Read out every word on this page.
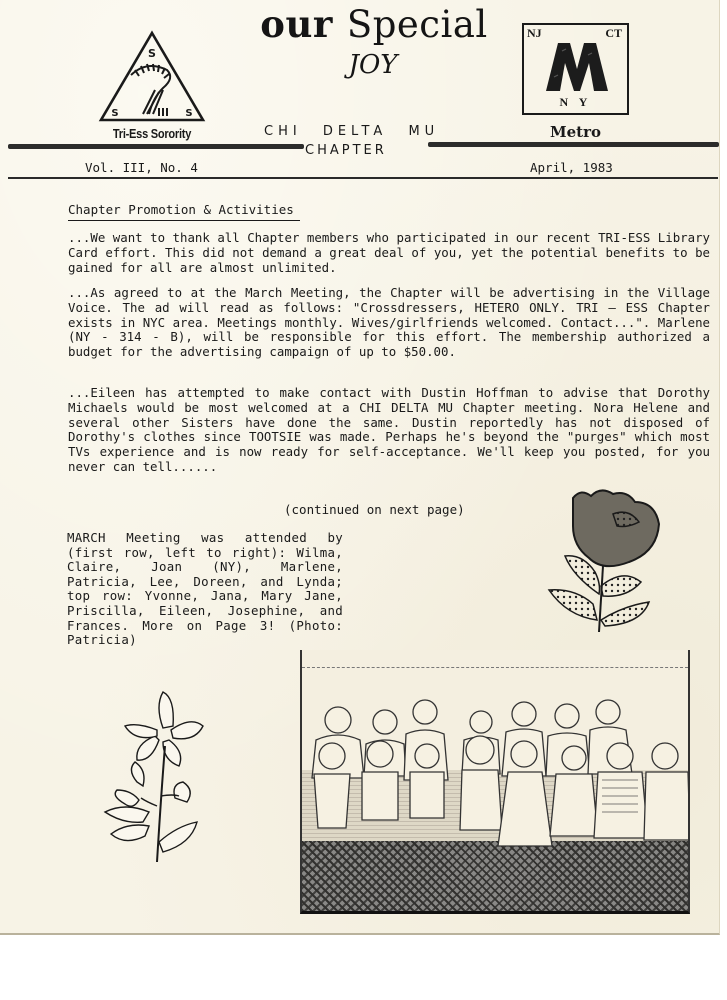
our Special
JOY
S
S	S
Tri-Ess Sorority
NJ	CT
N Y
Metro
CHI DELTA MU
CHAPTER
Vol. III, No. 4	April, 1983
Chapter Promotion & Activities

...We want to thank all Chapter members who participated in our recent TRI-ESS Library Card effort. This did not demand a great deal of you, yet the potential benefits to be gained for all are almost unlimited.

...As agreed to at the March Meeting, the Chapter will be advertising in the Village Voice. The ad will read as follows: "Crossdressers, HETERO ONLY. TRI — ESS Chapter exists in NYC area. Meetings monthly. Wives/girlfriends welcomed. Contact...". Marlene (NY - 314 - B), will be responsible for this effort. The membership authorized a budget for the advertising campaign of up to $50.00.

...Eileen has attempted to make contact with Dustin Hoffman to advise that Dorothy Michaels would be most welcomed at a CHI DELTA MU Chapter meeting. Nora Helene and several other Sisters have done the same. Dustin reportedly has not disposed of Dorothy's clothes since TOOTSIE was made. Perhaps he's beyond the "purges" which most TVs experience and is now ready for self-acceptance. We'll keep you posted, for you never can tell......

(continued on next page)

MARCH Meeting was attended by (first row, left to right): Wilma, Claire, Joan (NY), Marlene, Patricia, Lee, Doreen, and Lynda; top row: Yvonne, Jana, Mary Jane, Priscilla, Eileen, Josephine, and Frances. More on Page 3! (Photo: Patricia)
